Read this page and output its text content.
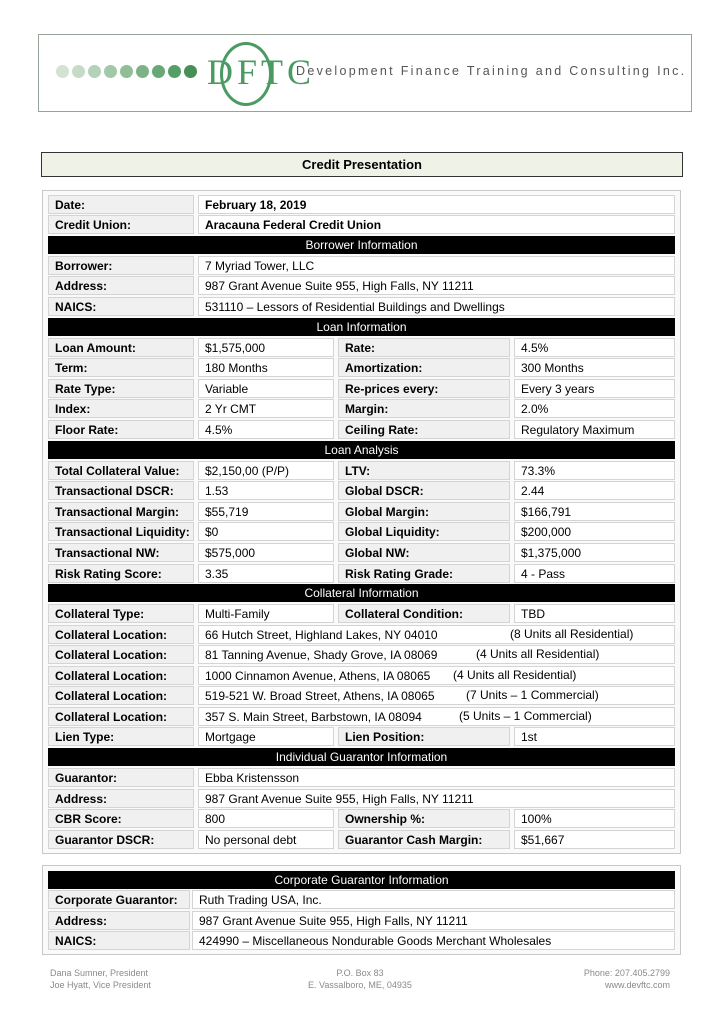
DFTC
Development Finance Training and Consulting Inc.
Credit Presentation
Date:	February 18, 2019
Credit Union:	Aracauna Federal Credit Union
Borrower Information
Borrower:	7 Myriad Tower, LLC
Address:	987 Grant Avenue Suite 955, High Falls, NY 11211
NAICS:	531110 – Lessors of Residential Buildings and Dwellings
Loan Information
Loan Amount:	$1,575,000	Rate:	4.5%
Term:	180 Months	Amortization:	300 Months
Rate Type:	Variable	Re-prices every:	Every 3 years
Index:	2 Yr CMT	Margin:	2.0%
Floor Rate:	4.5%	Ceiling Rate:	Regulatory Maximum
Loan Analysis
Total Collateral Value:	$2,150,00 (P/P)	LTV:	73.3%
Transactional DSCR:	1.53	Global DSCR:	2.44
Transactional Margin:	$55,719	Global Margin:	$166,791
Transactional Liquidity:	$0	Global Liquidity:	$200,000
Transactional NW:	$575,000	Global NW:	$1,375,000
Risk Rating Score:	3.35	Risk Rating Grade:	4 - Pass
Collateral Information
Collateral Type:	Multi-Family	Collateral Condition:	TBD
Collateral Location:	66 Hutch Street, Highland Lakes, NY 04010	(8 Units all Residential)
Collateral Location:	81 Tanning Avenue, Shady Grove, IA 08069	(4 Units all Residential)
Collateral Location:	1000 Cinnamon Avenue, Athens, IA 08065	(4 Units all Residential)
Collateral Location:	519-521 W. Broad Street, Athens, IA 08065	(7 Units – 1 Commercial)
Collateral Location:	357 S. Main Street, Barbstown, IA 08094	(5 Units – 1 Commercial)
Lien Type:	Mortgage	Lien Position:	1st
Individual Guarantor Information
Guarantor:	Ebba Kristensson
Address:	987 Grant Avenue Suite 955, High Falls, NY 11211
CBR Score:	800	Ownership %:	100%
Guarantor DSCR:	No personal debt	Guarantor Cash Margin:	$51,667
Corporate Guarantor Information
Corporate Guarantor:	Ruth Trading USA, Inc.
Address:	987 Grant Avenue Suite 955, High Falls, NY 11211
NAICS:	424990 – Miscellaneous Nondurable Goods Merchant Wholesales
Dana Sumner, President
Joe Hyatt, Vice President
P.O. Box 83
E. Vassalboro, ME, 04935
Phone: 207.405.2799
www.devftc.com
